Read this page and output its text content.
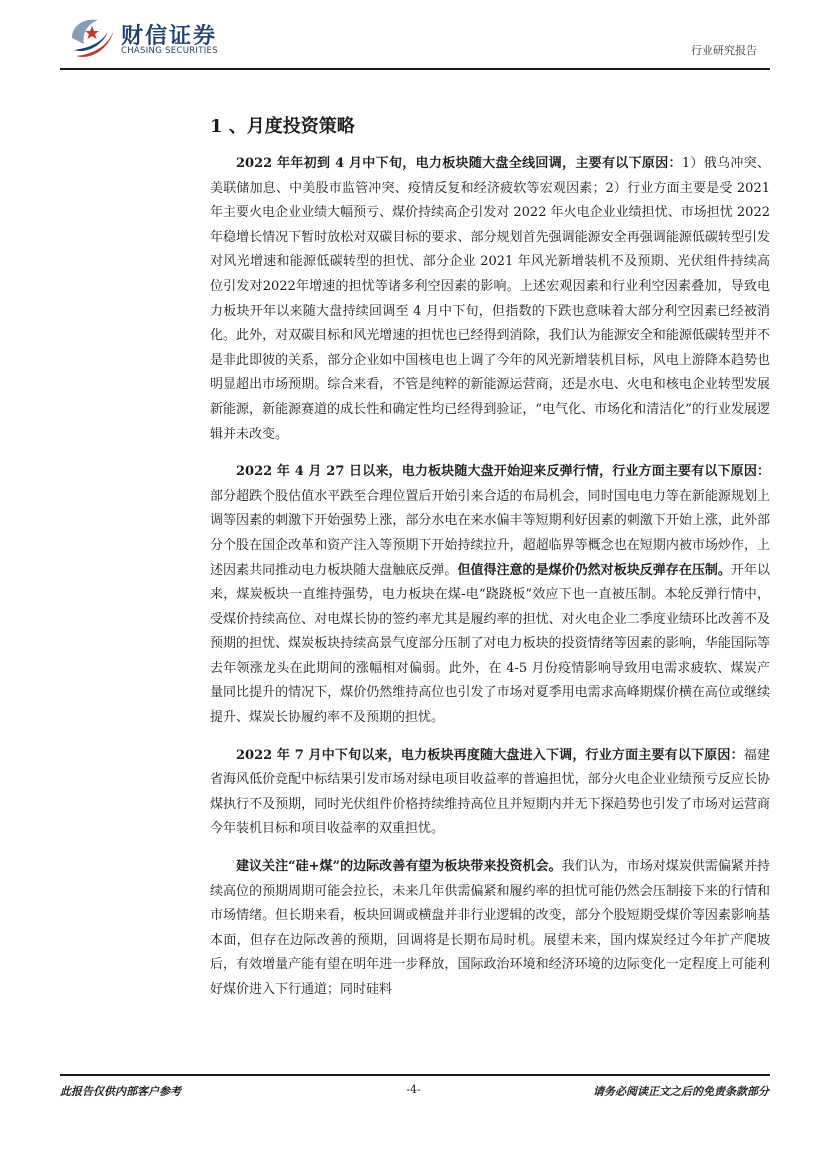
财信证券
CHASING SECURITIES	行业研究报告
1 、月度投资策略

2022 年年初到 4 月中下旬，电力板块随大盘全线回调，主要有以下原因：1）俄乌冲突、美联储加息、中美股市监管冲突、疫情反复和经济疲软等宏观因素；2）行业方面主要是受 2021 年主要火电企业业绩大幅预亏、煤价持续高企引发对 2022 年火电企业业绩担忧、市场担忧 2022 年稳增长情况下暂时放松对双碳目标的要求、部分规划首先强调能源安全再强调能源低碳转型引发对风光增速和能源低碳转型的担忧、部分企业 2021 年风光新增装机不及预期、光伏组件持续高位引发对2022年增速的担忧等诸多利空因素的影响。上述宏观因素和行业利空因素叠加，导致电力板块开年以来随大盘持续回调至 4 月中下旬，但指数的下跌也意味着大部分利空因素已经被消化。此外，对双碳目标和风光增速的担忧也已经得到消除，我们认为能源安全和能源低碳转型并不是非此即彼的关系，部分企业如中国核电也上调了今年的风光新增装机目标，风电上游降本趋势也明显超出市场预期。综合来看，不管是纯粹的新能源运营商，还是水电、火电和核电企业转型发展新能源，新能源赛道的成长性和确定性均已经得到验证，“电气化、市场化和清洁化”的行业发展逻辑并未改变。

2022 年 4 月 27 日以来，电力板块随大盘开始迎来反弹行情，行业方面主要有以下原因：部分超跌个股估值水平跌至合理位置后开始引来合适的布局机会，同时国电电力等在新能源规划上调等因素的刺激下开始强势上涨，部分水电在来水偏丰等短期利好因素的刺激下开始上涨，此外部分个股在国企改革和资产注入等预期下开始持续拉升，超超临界等概念也在短期内被市场炒作，上述因素共同推动电力板块随大盘触底反弹。但值得注意的是煤价仍然对板块反弹存在压制。开年以来，煤炭板块一直维持强势，电力板块在煤-电“跷跷板”效应下也一直被压制。本轮反弹行情中，受煤价持续高位、对电煤长协的签约率尤其是履约率的担忧、对火电企业二季度业绩环比改善不及预期的担忧、煤炭板块持续高景气度部分压制了对电力板块的投资情绪等因素的影响，华能国际等去年领涨龙头在此期间的涨幅相对偏弱。此外，在 4-5 月份疫情影响导致用电需求疲软、煤炭产量同比提升的情况下，煤价仍然维持高位也引发了市场对夏季用电需求高峰期煤价横在高位或继续提升、煤炭长协履约率不及预期的担忧。

2022 年 7 月中下旬以来，电力板块再度随大盘进入下调，行业方面主要有以下原因：福建省海风低价竞配中标结果引发市场对绿电项目收益率的普遍担忧，部分火电企业业绩预亏反应长协煤执行不及预期，同时光伏组件价格持续维持高位且并短期内并无下探趋势也引发了市场对运营商今年装机目标和项目收益率的双重担忧。

建议关注“硅+煤”的边际改善有望为板块带来投资机会。我们认为，市场对煤炭供需偏紧并持续高位的预期周期可能会拉长，未来几年供需偏紧和履约率的担忧可能仍然会压制接下来的行情和市场情绪。但长期来看，板块回调或横盘并非行业逻辑的改变，部分个股短期受煤价等因素影响基本面，但存在边际改善的预期，回调将是长期布局时机。展望未来，国内煤炭经过今年扩产爬坡后，有效增量产能有望在明年进一步释放，国际政治环境和经济环境的边际变化一定程度上可能利好煤价进入下行通道；同时硅料

此报告仅供内部客户参考	-4-	请务必阅读正文之后的免责条款部分
